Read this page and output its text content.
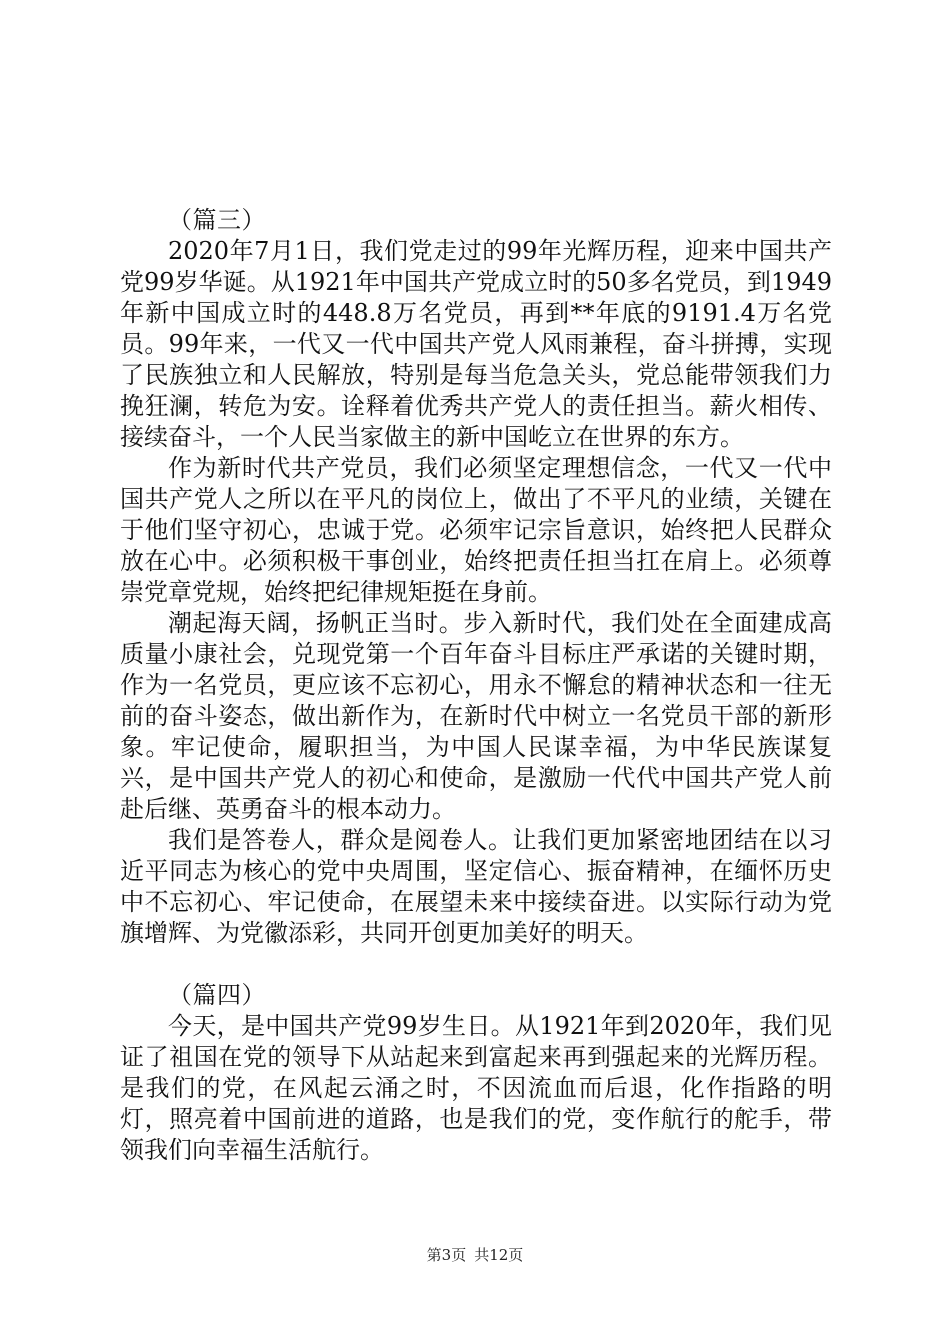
（篇三）

2020年7月1日，我们党走过的99年光辉历程，迎来中国共产党99岁华诞。从1921年中国共产党成立时的50多名党员，到1949年新中国成立时的448.8万名党员，再到**年底的9191.4万名党员。99年来，一代又一代中国共产党人风雨兼程，奋斗拼搏，实现了民族独立和人民解放，特别是每当危急关头，党总能带领我们力挽狂澜，转危为安。诠释着优秀共产党人的责任担当。薪火相传、接续奋斗，一个人民当家做主的新中国屹立在世界的东方。

作为新时代共产党员，我们必须坚定理想信念，一代又一代中国共产党人之所以在平凡的岗位上，做出了不平凡的业绩，关键在于他们坚守初心，忠诚于党。必须牢记宗旨意识，始终把人民群众放在心中。必须积极干事创业，始终把责任担当扛在肩上。必须尊崇党章党规，始终把纪律规矩挺在身前。

潮起海天阔，扬帆正当时。步入新时代，我们处在全面建成高质量小康社会，兑现党第一个百年奋斗目标庄严承诺的关键时期，作为一名党员，更应该不忘初心，用永不懈怠的精神状态和一往无前的奋斗姿态，做出新作为，在新时代中树立一名党员干部的新形象。牢记使命，履职担当，为中国人民谋幸福，为中华民族谋复兴，是中国共产党人的初心和使命，是激励一代代中国共产党人前赴后继、英勇奋斗的根本动力。

我们是答卷人，群众是阅卷人。让我们更加紧密地团结在以习近平同志为核心的党中央周围，坚定信心、振奋精神，在缅怀历史中不忘初心、牢记使命，在展望未来中接续奋进。以实际行动为党旗增辉、为党徽添彩，共同开创更加美好的明天。

（篇四）

今天，是中国共产党99岁生日。从1921年到2020年，我们见证了祖国在党的领导下从站起来到富起来再到强起来的光辉历程。是我们的党，在风起云涌之时，不因流血而后退，化作指路的明灯，照亮着中国前进的道路，也是我们的党，变作航行的舵手，带领我们向幸福生活航行。

第3页 共12页
